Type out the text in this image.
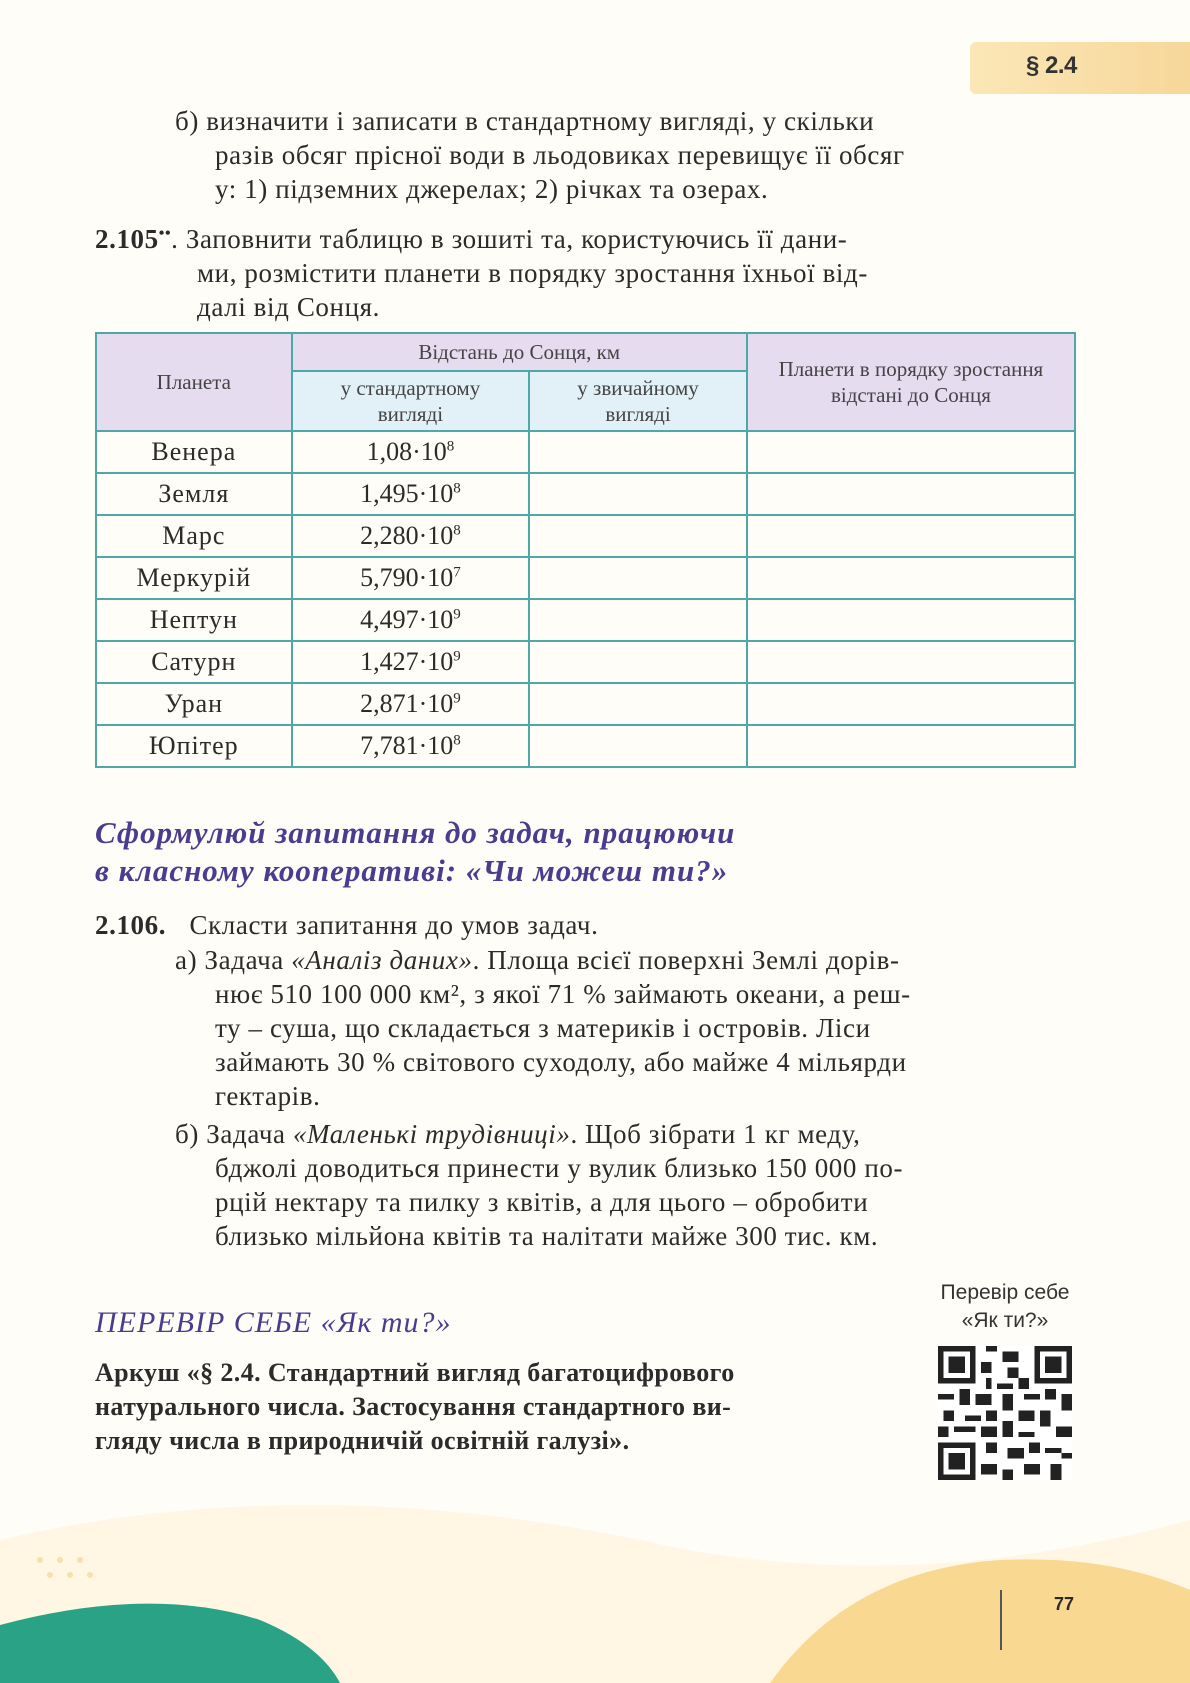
§ 2.4
б) визначити і записати в стандартному вигляді, у скільки
разів обсяг прісної води в льодовиках перевищує її обсяг
у: 1) підземних джерелах; 2) річках та озерах.
2.105••. Заповнити таблицю в зошиті та, користуючись її дани-
ми, розмістити планети в порядку зростання їхньої від-
далі від Сонця.
Планета	Відстань до Сонця, км		Планети в порядку зростання відстані до Сонця
	у стандартному вигляді	у звичайному вигляді	
Венера	$1,08\cdot 10^8$		
Земля	$1,495\cdot 10^8$		
Марс	$2,280\cdot 10^8$		
Меркурій	$5,790\cdot 10^7$		
Нептун	$4,497\cdot 10^9$		
Сатурн	$1,427\cdot 10^9$		
Уран	$2,871\cdot 10^9$		
Юпітер	$7,781\cdot 10^8$		
Сформулюй запитання до задач, працюючи
в класному кооперативі: «Чи можеш ти?»
2.106. Скласти запитання до умов задач.
а) Задача «Аналіз даних». Площа всієї поверхні Землі дорів-
нює 510 100 000 км², з якої 71 % займають океани, а реш-
ту – суша, що складається з материків і островів. Ліси
займають 30 % світового суходолу, або майже 4 мільярди
гектарів.
б) Задача «Маленькі трудівниці». Щоб зібрати 1 кг меду,
бджолі доводиться принести у вулик близько 150 000 по-
рцій нектару та пилку з квітів, а для цього – обробити
близько мільйона квітів та налітати майже 300 тис. км.
ПЕРЕВІР СЕБЕ «Як ти?»
Аркуш «§ 2.4. Стандартний вигляд багатоцифрового
натурального числа. Застосування стандартного ви-
гляду числа в природничій освітній галузі».
Перевір себе
«Як ти?»
77
